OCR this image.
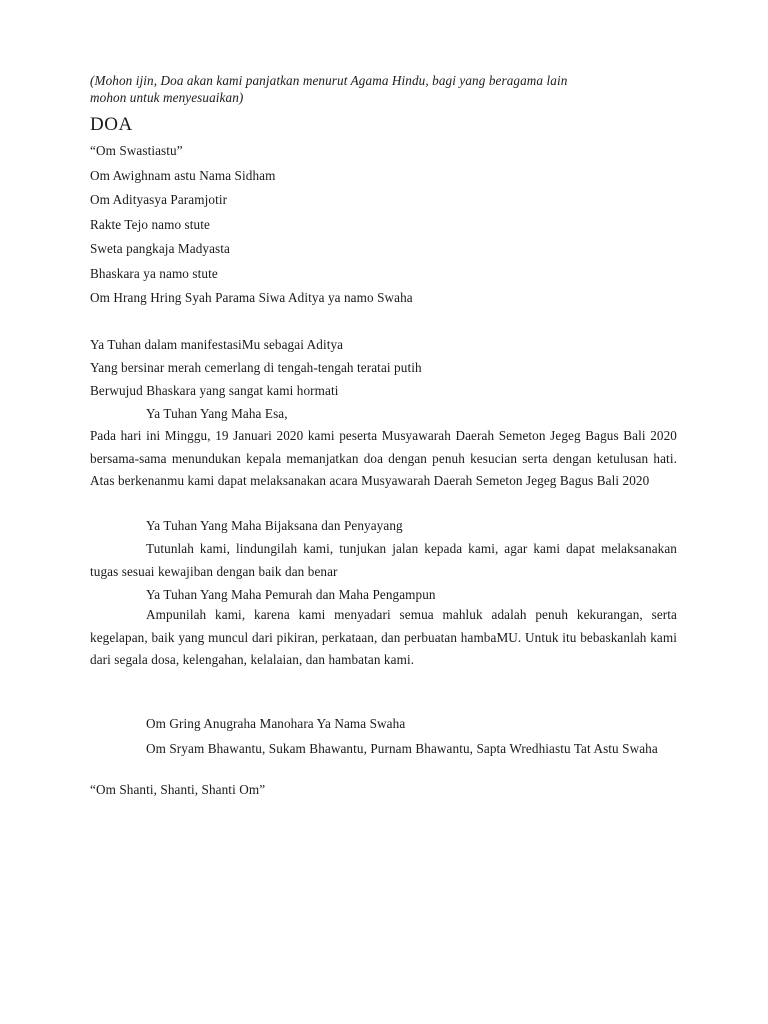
(Mohon ijin, Doa akan kami panjatkan menurut Agama Hindu, bagi yang beragama lain

mohon untuk menyesuaikan)

DOA

“Om Swastiastu”

Om Awighnam astu Nama Sidham

Om Adityasya Paramjotir

Rakte Tejo namo stute

Sweta pangkaja Madyasta

Bhaskara ya namo stute

Om Hrang Hring Syah Parama Siwa Aditya ya namo Swaha

Ya Tuhan dalam manifestasiMu sebagai Aditya

Yang bersinar merah cemerlang di tengah-tengah teratai putih

Berwujud Bhaskara yang sangat kami hormati

Ya Tuhan Yang Maha Esa,

Pada hari ini Minggu, 19 Januari 2020 kami peserta Musyawarah Daerah Semeton Jegeg Bagus Bali 2020 bersama-sama menundukan kepala memanjatkan doa dengan penuh kesucian serta dengan ketulusan hati. Atas berkenanmu kami dapat melaksanakan acara Musyawarah Daerah Semeton Jegeg Bagus Bali 2020

Ya Tuhan Yang Maha Bijaksana dan Penyayang

Tutunlah kami, lindungilah kami, tunjukan jalan kepada kami, agar kami dapat melaksanakan tugas sesuai kewajiban dengan baik dan benar

Ya Tuhan Yang Maha Pemurah dan Maha Pengampun

Ampunilah kami, karena kami menyadari semua mahluk adalah penuh kekurangan, serta kegelapan, baik yang muncul dari pikiran, perkataan, dan perbuatan hambaMU. Untuk itu bebaskanlah kami dari segala dosa, kelengahan, kelalaian, dan hambatan kami.

Om Gring Anugraha Manohara Ya Nama Swaha

Om Sryam Bhawantu, Sukam Bhawantu, Purnam Bhawantu, Sapta Wredhiastu Tat Astu Swaha

“Om Shanti, Shanti, Shanti Om”
